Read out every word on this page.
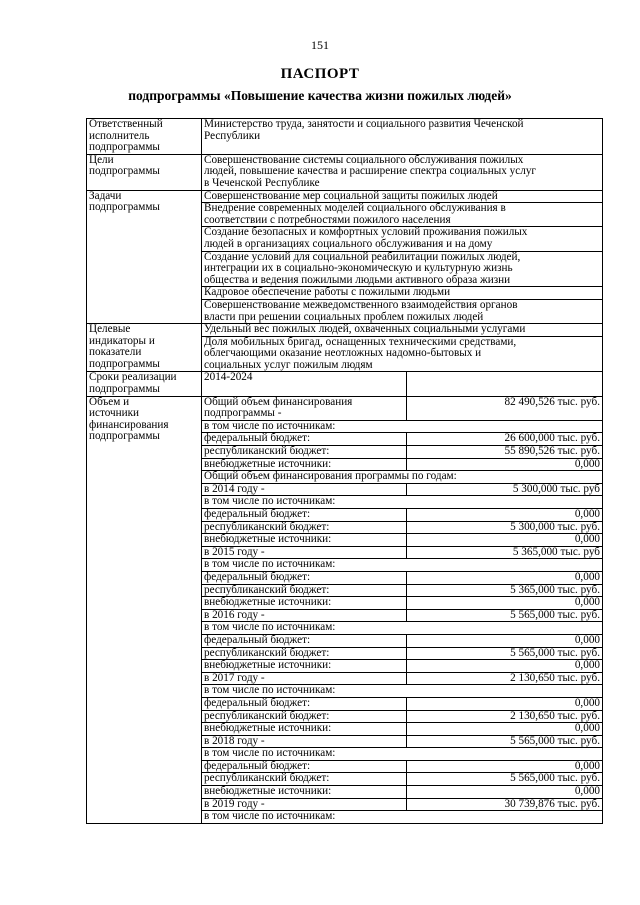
151
ПАСПОРТ
подпрограммы «Повышение качества жизни пожилых людей»
Ответственный
исполнитель
подпрограммы	Министерство труда, занятости и социального развития Чеченской
Республики	

Цели
подпрограммы	Совершенствование системы социального обслуживания пожилых
людей, повышение качества и расширение спектра социальных услуг
в Чеченской Республике	

Задачи
подпрограммы	Совершенствование мер социальной защиты пожилых людей	

	Внедрение современных моделей социального обслуживания в
соответствии с потребностями пожилого населения	

	Создание безопасных и комфортных условий проживания пожилых
людей в организациях социального обслуживания и на дому	

	Создание условий для социальной реабилитации пожилых людей,
интеграции их в социально-экономическую и культурную жизнь
общества и ведения пожилыми людьми активного образа жизни	

	Кадровое обеспечение работы с пожилыми людьми	

	Совершенствование межведомственного взаимодействия органов
власти при решении социальных проблем пожилых людей	

Целевые
индикаторы и
показатели
подпрограммы	Удельный вес пожилых людей, охваченных социальными услугами	

	Доля мобильных бригад, оснащенных техническими средствами,
облегчающими оказание неотложных надомно-бытовых и
социальных услуг пожилым людям	

Сроки реализации
подпрограммы	2014-2024	

Объем и
источники
финансирования
подпрограммы	Общий объем финансирования
подпрограммы -	82 490,526 тыс. руб.
	в том числе по источникам:	

	федеральный бюджет:	26 600,000 тыс. руб.

	республиканский бюджет:	55 890,526 тыс. руб.

	внебюджетные источники:	0,000
	Общий объем финансирования программы по годам:	

	в 2014 году -	5 300,000 тыс. руб
	в том числе по источникам:	

	федеральный бюджет:	0,000

	республиканский бюджет:	5 300,000 тыс. руб.

	внебюджетные источники:	0,000

	в 2015 году -	5 365,000 тыс. руб
	в том числе по источникам:	

	федеральный бюджет:	0,000

	республиканский бюджет:	5 365,000 тыс. руб.

	внебюджетные источники:	0,000

	в 2016 году -	5 565,000 тыс. руб.
	в том числе по источникам:	

	федеральный бюджет:	0,000

	республиканский бюджет:	5 565,000 тыс. руб.

	внебюджетные источники:	0,000

	в 2017 году -	2 130,650 тыс. руб.
	в том числе по источникам:	

	федеральный бюджет:	0,000

	республиканский бюджет:	2 130,650 тыс. руб.

	внебюджетные источники:	0,000

	в 2018 году -	5 565,000 тыс. руб.
	в том числе по источникам:	

	федеральный бюджет:	0,000

	республиканский бюджет:	5 565,000 тыс. руб.

	внебюджетные источники:	0,000

	в 2019 году -	30 739,876 тыс. руб.
	в том числе по источникам:	
